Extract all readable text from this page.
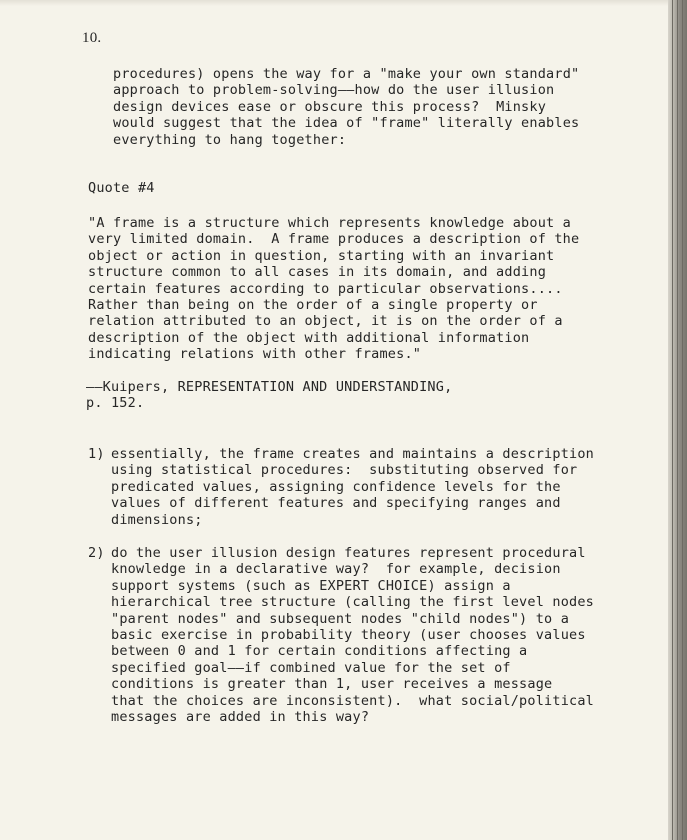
10.

procedures) opens the way for a "make your own standard"
approach to problem-solving——how do the user illusion
design devices ease or obscure this process?  Minsky
would suggest that the idea of "frame" literally enables
everything to hang together:

Quote #4

"A frame is a structure which represents knowledge about a
very limited domain.  A frame produces a description of the
object or action in question, starting with an invariant
structure common to all cases in its domain, and adding
certain features according to particular observations....
Rather than being on the order of a single property or
relation attributed to an object, it is on the order of a
description of the object with additional information
indicating relations with other frames."

——Kuipers, REPRESENTATION AND UNDERSTANDING,
p. 152.

1)

essentially, the frame creates and maintains a description
using statistical procedures:  substituting observed for
predicated values, assigning confidence levels for the
values of different features and specifying ranges and
dimensions;

2)

do the user illusion design features represent procedural
knowledge in a declarative way?  for example, decision
support systems (such as EXPERT CHOICE) assign a
hierarchical tree structure (calling the first level nodes
"parent nodes" and subsequent nodes "child nodes") to a
basic exercise in probability theory (user chooses values
between 0 and 1 for certain conditions affecting a
specified goal——if combined value for the set of
conditions is greater than 1, user receives a message
that the choices are inconsistent).  what social/political
messages are added in this way?
